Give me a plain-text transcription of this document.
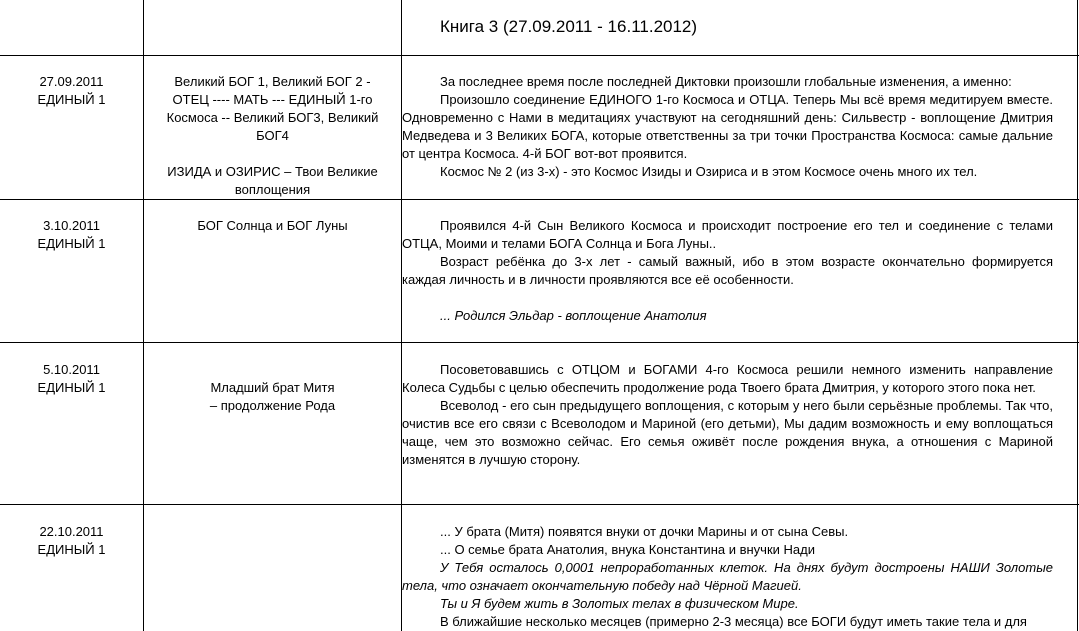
Книга 3 (27.09.2011 - 16.11.2012)

27.09.2011

ЕДИНЫЙ 1

Великий БОГ 1, Великий БОГ 2 -

ОТЕЦ ---- МАТЬ --- ЕДИНЫЙ 1-го

Космоса -- Великий БОГ3, Великий

БОГ4

ИЗИДА и ОЗИРИС – Твои Великие

воплощения

За последнее время после последней Диктовки произошли глобальные изменения, а именно:

Произошло соединение ЕДИНОГО 1-го Космоса и ОТЦА. Теперь Мы всё время медитируем вместе. Одновременно с Нами в медитациях участвуют на сегодняшний день: Сильвестр - воплощение Дмитрия Медведева и 3 Великих БОГА, которые ответственны за три точки Пространства Космоса: самые дальние от центра Космоса. 4-й БОГ вот-вот проявится.

Космос № 2 (из 3-х) - это Космос Изиды и Озириса и в этом Космосе очень много их тел.

3.10.2011

ЕДИНЫЙ 1

БОГ Солнца и БОГ Луны	Проявился 4-й Сын Великого Космоса и происходит построение его тел и соединение с телами ОТЦА, Моими и телами БОГА Солнца и Бога Луны..

Возраст ребёнка до 3-х лет - самый важный, ибо в этом возрасте окончательно формируется каждая личность и в личности проявляются все её особенности.

... Родился Эльдар - воплощение Анатолия

5.10.2011

ЕДИНЫЙ 1	Младший брат Митя

– продолжение Рода

Посоветовавшись с ОТЦОМ и БОГАМИ 4-го Космоса решили немного изменить направление Колеса Судьбы с целью обеспечить продолжение рода Твоего брата Дмитрия, у которого этого пока нет.

Всеволод - его сын предыдущего воплощения, с которым у него были серьёзные проблемы. Так что, очистив все его связи с Всеволодом и Мариной (его детьми), Мы дадим возможность и ему воплощаться чаще, чем это возможно сейчас. Его семья оживёт после рождения внука, а отношения с Мариной изменятся в лучшую сторону.

22.10.2011

ЕДИНЫЙ 1

... У брата (Митя) появятся внуки от дочки Марины и от сына Севы.

... О семье брата Анатолия, внука Константина и внучки Нади

У Тебя осталось 0,0001 непроработанных клеток. На днях будут достроены НАШИ Золотые тела, что означает окончательную победу над Чёрной Магией.

Ты и Я будем жить в Золотых телах в физическом Мире.

В ближайшие несколько месяцев (примерно 2-3 месяца) все БОГИ будут иметь такие тела и для
